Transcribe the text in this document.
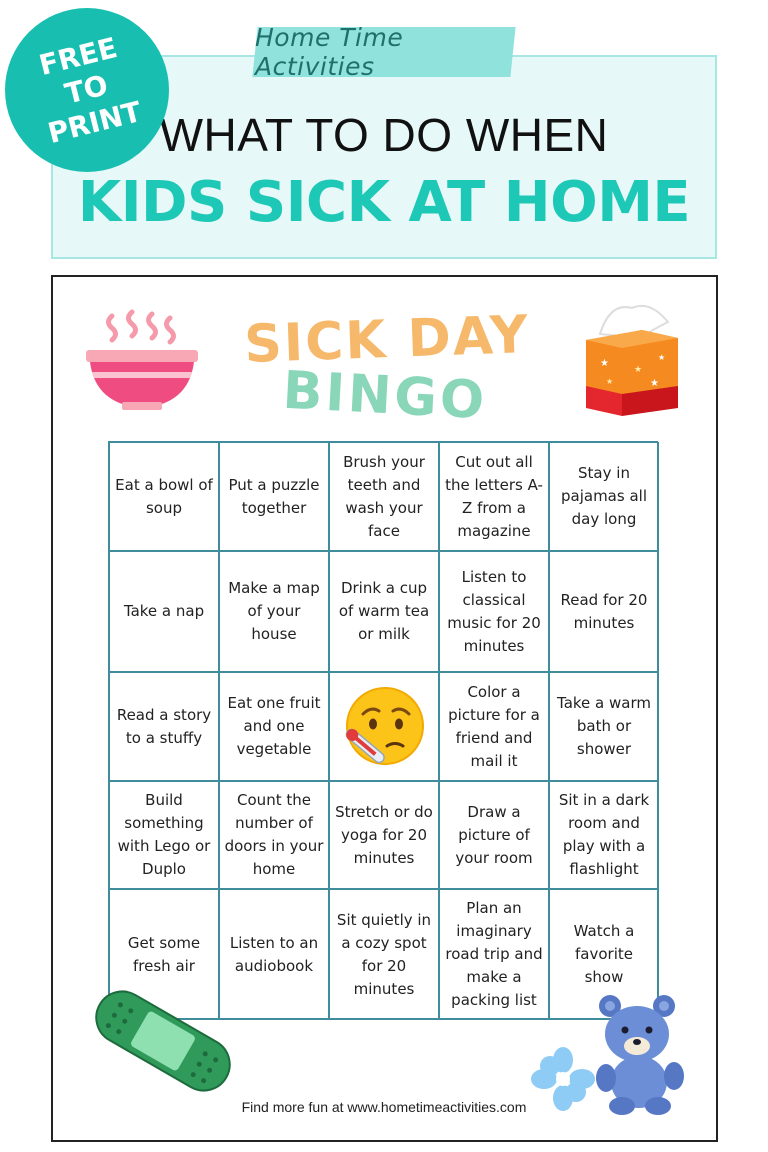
Home Time Activities
FREE
TO
PRINT WHAT TO DO WHEN
KIDS SICK AT HOME
★
★
★
★	★
SICK DAY
BINGO
Eat a bowl of soup
Put a puzzle together
Brush your teeth and wash your face
Cut out all the letters A-Z from a magazine
Stay in pajamas all day long
Take a nap
Make a map of your house
Drink a cup of warm tea or milk
Listen to classical music for 20 minutes
Read for 20 minutes
Read a story to a stuffy
Eat one fruit and one vegetable
Color a picture for a friend and mail it
Take a warm bath or shower
Build something with Lego or Duplo
Count the number of doors in your home
Stretch or do yoga for 20 minutes
Draw a picture of your room
Sit in a dark room and play with a flashlight
Get some fresh air
Listen to an audiobook
Sit quietly in a cozy spot for 20 minutes
Plan an imaginary road trip and make a packing list
Watch a favorite show
Find more fun at www.hometimeactivities.com
